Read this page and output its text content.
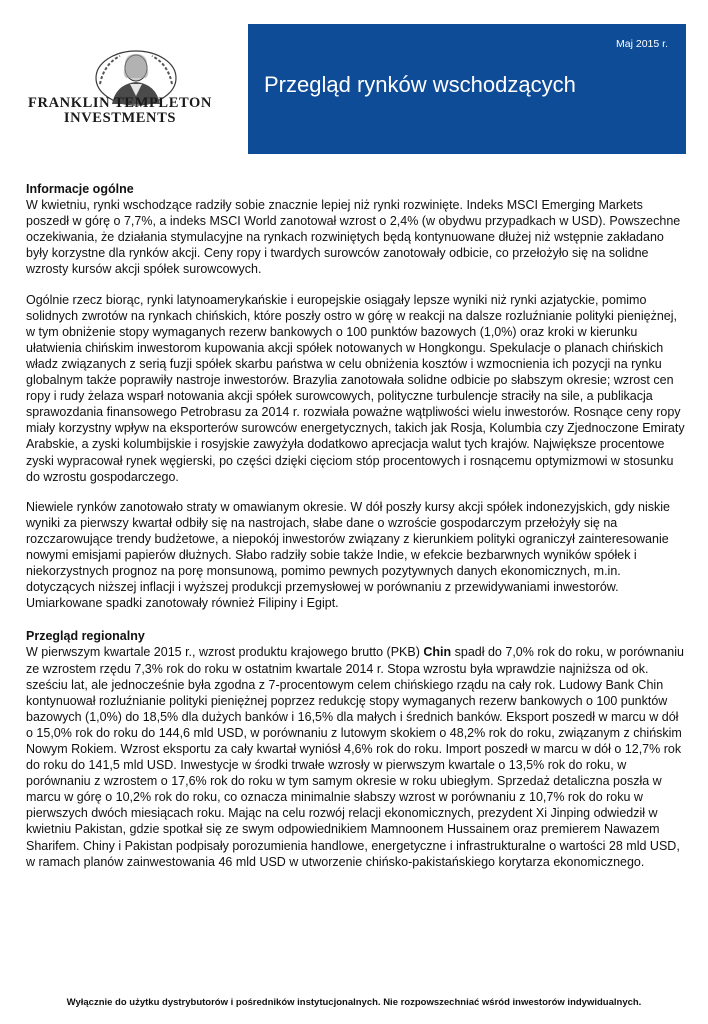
FRANKLIN TEMPLETON
INVESTMENTS
Maj 2015 r.
Przegląd rynków wschodzących

Informacje ogólne

W kwietniu, rynki wschodzące radziły sobie znacznie lepiej niż rynki rozwinięte. Indeks MSCI Emerging Markets poszedł w górę o 7,7%, a indeks MSCI World zanotował wzrost o 2,4% (w obydwu przypadkach w USD). Powszechne oczekiwania, że działania stymulacyjne na rynkach rozwiniętych będą kontynuowane dłużej niż wstępnie zakładano były korzystne dla rynków akcji. Ceny ropy i twardych surowców zanotowały odbicie, co przełożyło się na solidne wzrosty kursów akcji spółek surowcowych.

Ogólnie rzecz biorąc, rynki latynoamerykańskie i europejskie osiągały lepsze wyniki niż rynki azjatyckie, pomimo solidnych zwrotów na rynkach chińskich, które poszły ostro w górę w reakcji na dalsze rozluźnianie polityki pieniężnej, w tym obniżenie stopy wymaganych rezerw bankowych o 100 punktów bazowych (1,0%) oraz kroki w kierunku ułatwienia chińskim inwestorom kupowania akcji spółek notowanych w Hongkongu. Spekulacje o planach chińskich władz związanych z serią fuzji spółek skarbu państwa w celu obniżenia kosztów i wzmocnienia ich pozycji na rynku globalnym także poprawiły nastroje inwestorów. Brazylia zanotowała solidne odbicie po słabszym okresie; wzrost cen ropy i rudy żelaza wsparł notowania akcji spółek surowcowych, polityczne turbulencje straciły na sile, a publikacja sprawozdania finansowego Petrobrasu za 2014 r. rozwiała poważne wątpliwości wielu inwestorów. Rosnące ceny ropy miały korzystny wpływ na eksporterów surowców energetycznych, takich jak Rosja, Kolumbia czy Zjednoczone Emiraty Arabskie, a zyski kolumbijskie i rosyjskie zawyżyła dodatkowo aprecjacja walut tych krajów. Największe procentowe zyski wypracował rynek węgierski, po części dzięki cięciom stóp procentowych i rosnącemu optymizmowi w stosunku do wzrostu gospodarczego.

Niewiele rynków zanotowało straty w omawianym okresie. W dół poszły kursy akcji spółek indonezyjskich, gdy niskie wyniki za pierwszy kwartał odbiły się na nastrojach, słabe dane o wzroście gospodarczym przełożyły się na rozczarowujące trendy budżetowe, a niepokój inwestorów związany z kierunkiem polityki ograniczył zainteresowanie nowymi emisjami papierów dłużnych. Słabo radziły sobie także Indie, w efekcie bezbarwnych wyników spółek i niekorzystnych prognoz na porę monsunową, pomimo pewnych pozytywnych danych ekonomicznych, m.in. dotyczących niższej inflacji i wyższej produkcji przemysłowej w porównaniu z przewidywaniami inwestorów. Umiarkowane spadki zanotowały również Filipiny i Egipt.

Przegląd regionalny

W pierwszym kwartale 2015 r., wzrost produktu krajowego brutto (PKB) Chin spadł do 7,0% rok do roku, w porównaniu ze wzrostem rzędu 7,3% rok do roku w ostatnim kwartale 2014 r. Stopa wzrostu była wprawdzie najniższa od ok. sześciu lat, ale jednocześnie była zgodna z 7-procentowym celem chińskiego rządu na cały rok. Ludowy Bank Chin kontynuował rozluźnianie polityki pieniężnej poprzez redukcję stopy wymaganych rezerw bankowych o 100 punktów bazowych (1,0%) do 18,5% dla dużych banków i 16,5% dla małych i średnich banków. Eksport poszedł w marcu w dół o 15,0% rok do roku do 144,6 mld USD, w porównaniu z lutowym skokiem o 48,2% rok do roku, związanym z chińskim Nowym Rokiem. Wzrost eksportu za cały kwartał wyniósł 4,6% rok do roku. Import poszedł w marcu w dół o 12,7% rok do roku do 141,5 mld USD. Inwestycje w środki trwałe wzrosły w pierwszym kwartale o 13,5% rok do roku, w porównaniu z wzrostem o 17,6% rok do roku w tym samym okresie w roku ubiegłym. Sprzedaż detaliczna poszła w marcu w górę o 10,2% rok do roku, co oznacza minimalnie słabszy wzrost w porównaniu z 10,7% rok do roku w pierwszych dwóch miesiącach roku. Mając na celu rozwój relacji ekonomicznych, prezydent Xi Jinping odwiedził w kwietniu Pakistan, gdzie spotkał się ze swym odpowiednikiem Mamnoonem Hussainem oraz premierem Nawazem Sharifem. Chiny i Pakistan podpisały porozumienia handlowe, energetyczne i infrastrukturalne o wartości 28 mld USD, w ramach planów zainwestowania 46 mld USD w utworzenie chińsko-pakistańskiego korytarza ekonomicznego.

Wyłącznie do użytku dystrybutorów i pośredników instytucjonalnych. Nie rozpowszechniać wśród inwestorów indywidualnych.
